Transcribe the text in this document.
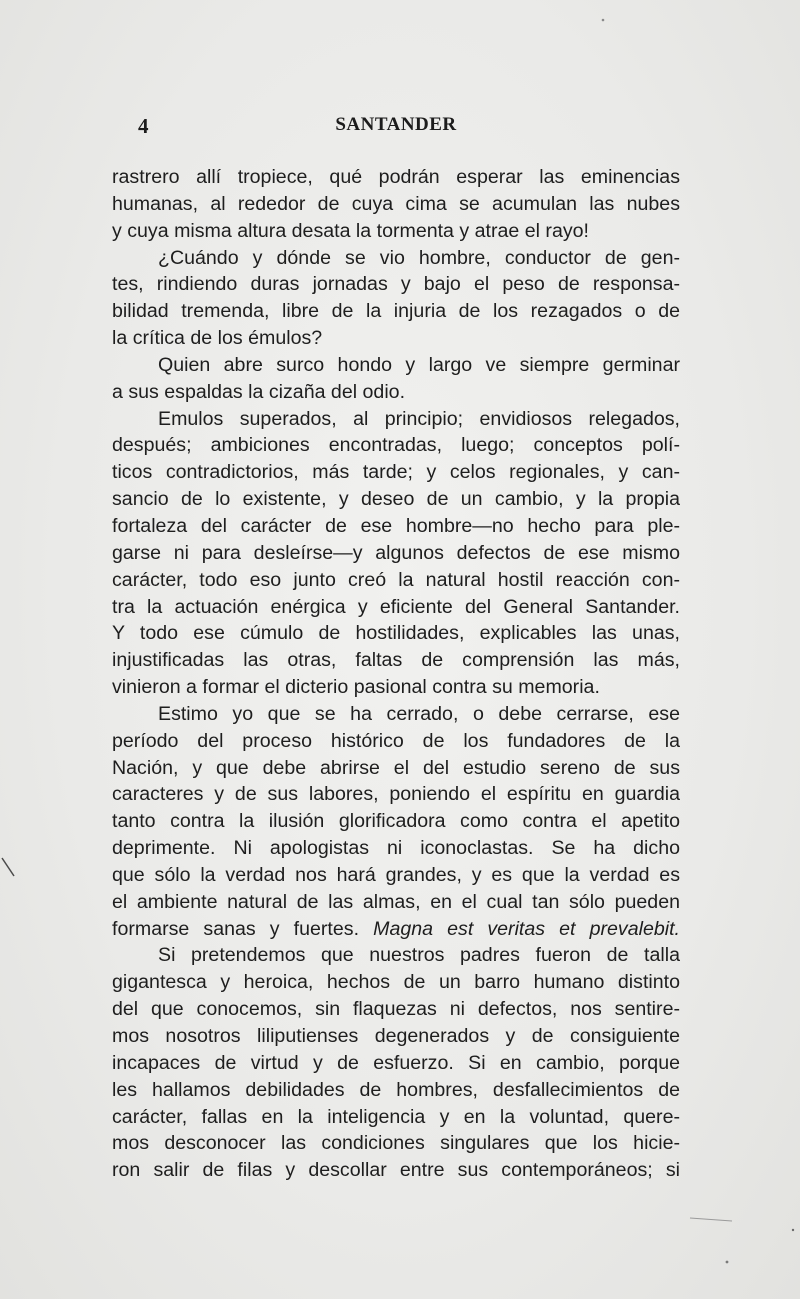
4	SANTANDER
rastrero allí tropiece, qué podrán esperar las eminencias
humanas, al rededor de cuya cima se acumulan las nubes
y cuya misma altura desata la tormenta y atrae el rayo!
¿Cuándo y dónde se vio hombre, conductor de gen-
tes, rindiendo duras jornadas y bajo el peso de responsa-
bilidad tremenda, libre de la injuria de los rezagados o de
la crítica de los émulos?
Quien abre surco hondo y largo ve siempre germinar
a sus espaldas la cizaña del odio.
Emulos superados, al principio; envidiosos relegados,
después; ambiciones encontradas, luego; conceptos polí-
ticos contradictorios, más tarde; y celos regionales, y can-
sancio de lo existente, y deseo de un cambio, y la propia
fortaleza del carácter de ese hombre—no hecho para ple-
garse ni para desleírse—y algunos defectos de ese mismo
carácter, todo eso junto creó la natural hostil reacción con-
tra la actuación enérgica y eficiente del General Santander.
Y todo ese cúmulo de hostilidades, explicables las unas,
injustificadas las otras, faltas de comprensión las más,
vinieron a formar el dicterio pasional contra su memoria.
Estimo yo que se ha cerrado, o debe cerrarse, ese
período del proceso histórico de los fundadores de la
Nación, y que debe abrirse el del estudio sereno de sus
caracteres y de sus labores, poniendo el espíritu en guardia
tanto contra la ilusión glorificadora como contra el apetito
deprimente. Ni apologistas ni iconoclastas. Se ha dicho
que sólo la verdad nos hará grandes, y es que la verdad es
el ambiente natural de las almas, en el cual tan sólo pueden
formarse sanas y fuertes. Magna est veritas et prevalebit.
Si pretendemos que nuestros padres fueron de talla
gigantesca y heroica, hechos de un barro humano distinto
del que conocemos, sin flaquezas ni defectos, nos sentire-
mos nosotros liliputienses degenerados y de consiguiente
incapaces de virtud y de esfuerzo. Si en cambio, porque
les hallamos debilidades de hombres, desfallecimientos de
carácter, fallas en la inteligencia y en la voluntad, quere-
mos desconocer las condiciones singulares que los hicie-
ron salir de filas y descollar entre sus contemporáneos; si
